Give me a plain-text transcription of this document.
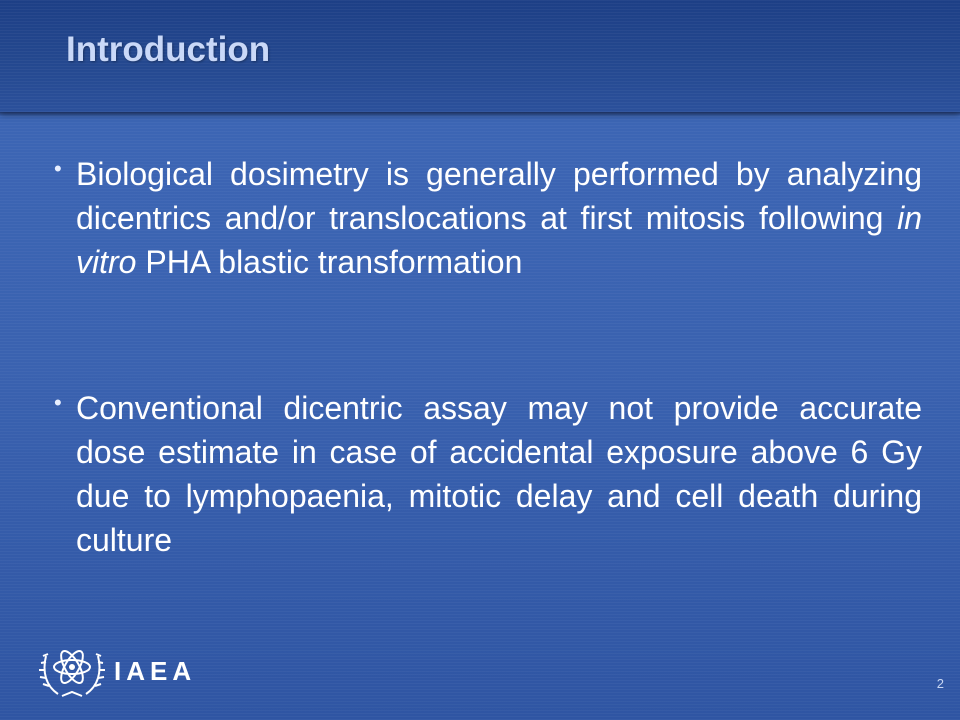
Introduction
• Biological dosimetry is generally performed by analyzing dicentrics and/or translocations at first mitosis following in vitro PHA blastic transformation
• Conventional dicentric assay may not provide accurate dose estimate in case of accidental exposure above 6 Gy due to lymphopaenia, mitotic delay and cell death during culture
IAEA	2
